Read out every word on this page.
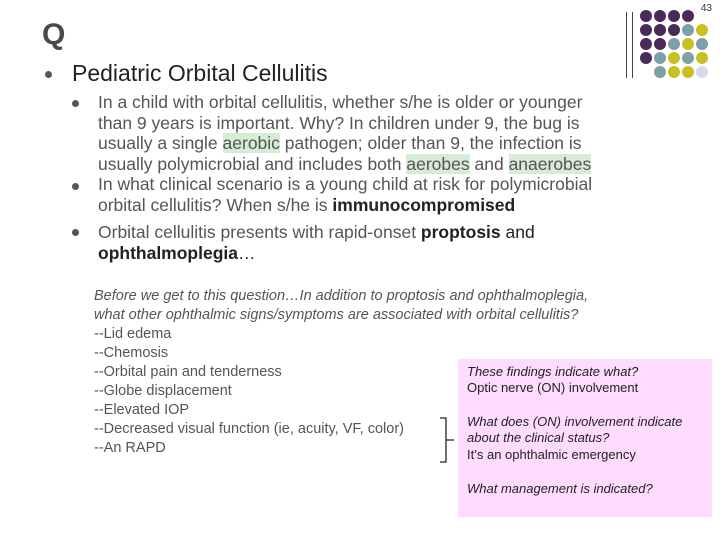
43
Q
Pediatric Orbital Cellulitis
In a child with orbital cellulitis, whether s/he is older or younger
than 9 years is important. Why? In children under 9, the bug is
usually a single aerobic pathogen; older than 9, the infection is
usually polymicrobial and includes both aerobes and anaerobes
In what clinical scenario is a young child at risk for polymicrobial
orbital cellulitis? When s/he is immunocompromised
Orbital cellulitis presents with rapid-onset proptosis and
ophthalmoplegia…
Before we get to this question…In addition to proptosis and ophthalmoplegia,
what other ophthalmic signs/symptoms are associated with orbital cellulitis?
--Lid edema
--Chemosis
--Orbital pain and tenderness
--Globe displacement
--Elevated IOP
--Decreased visual function (ie, acuity, VF, color)
--An RAPD
These findings indicate what?
Optic nerve (ON) involvement
What does (ON) involvement indicate
about the clinical status?
It’s an ophthalmic emergency
What management is indicated?
